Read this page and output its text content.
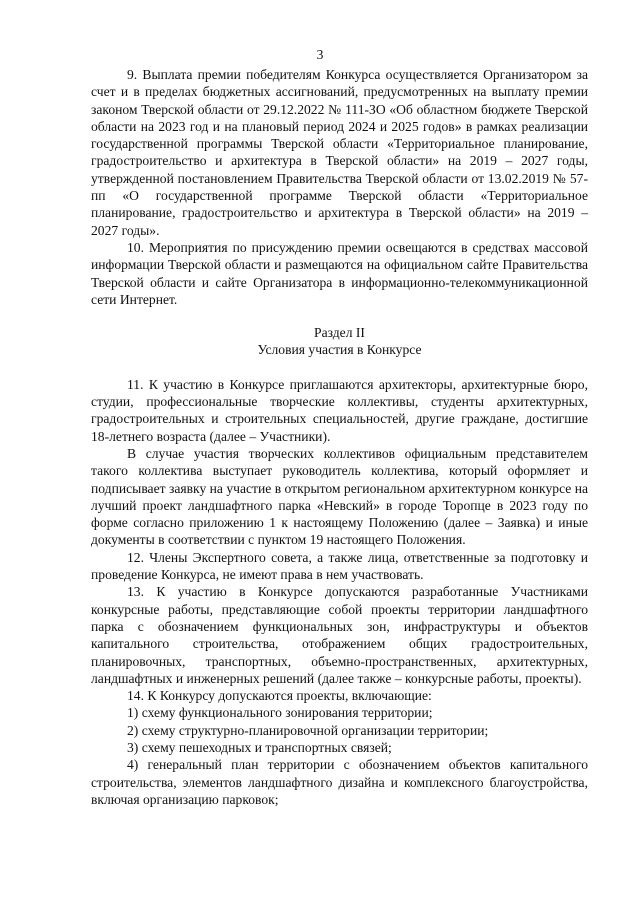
3

9. Выплата премии победителям Конкурса осуществляется Организатором за счет и в пределах бюджетных ассигнований, предусмотренных на выплату премии законом Тверской области от 29.12.2022 № 111-ЗО «Об областном бюджете Тверской области на 2023 год и на плановый период 2024 и 2025 годов» в рамках реализации государственной программы Тверской области «Территориальное планирование, градостроительство и архитектура в Тверской области» на 2019 – 2027 годы, утвержденной постановлением Правительства Тверской области от 13.02.2019 № 57-пп «О государственной программе Тверской области «Территориальное планирование, градостроительство и архитектура в Тверской области» на 2019 – 2027 годы».

10. Мероприятия по присуждению премии освещаются в средствах массовой информации Тверской области и размещаются на официальном сайте Правительства Тверской области и сайте Организатора в информационно-телекоммуникационной сети Интернет.

Раздел II

Условия участия в Конкурсе

11. К участию в Конкурсе приглашаются архитекторы, архитектурные бюро, студии, профессиональные творческие коллективы, студенты архитектурных, градостроительных и строительных специальностей, другие граждане, достигшие 18-летнего возраста (далее – Участники).

В случае участия творческих коллективов официальным представителем такого коллектива выступает руководитель коллектива, который оформляет и подписывает заявку на участие в открытом региональном архитектурном конкурсе на лучший проект ландшафтного парка «Невский» в городе Торопце в 2023 году по форме согласно приложению 1 к настоящему Положению (далее – Заявка) и иные документы в соответствии с пунктом 19 настоящего Положения.

12. Члены Экспертного совета, а также лица, ответственные за подготовку и проведение Конкурса, не имеют права в нем участвовать.

13. К участию в Конкурсе допускаются разработанные Участниками конкурсные работы, представляющие собой проекты территории ландшафтного парка с обозначением функциональных зон, инфраструктуры и объектов капитального строительства, отображением общих градостроительных, планировочных, транспортных, объемно-пространственных, архитектурных, ландшафтных и инженерных решений (далее также – конкурсные работы, проекты).

14. К Конкурсу допускаются проекты, включающие:

1) схему функционального зонирования территории;

2) схему структурно-планировочной организации территории;

3) схему пешеходных и транспортных связей;

4) генеральный план территории с обозначением объектов капитального строительства, элементов ландшафтного дизайна и комплексного благоустройства, включая организацию парковок;
